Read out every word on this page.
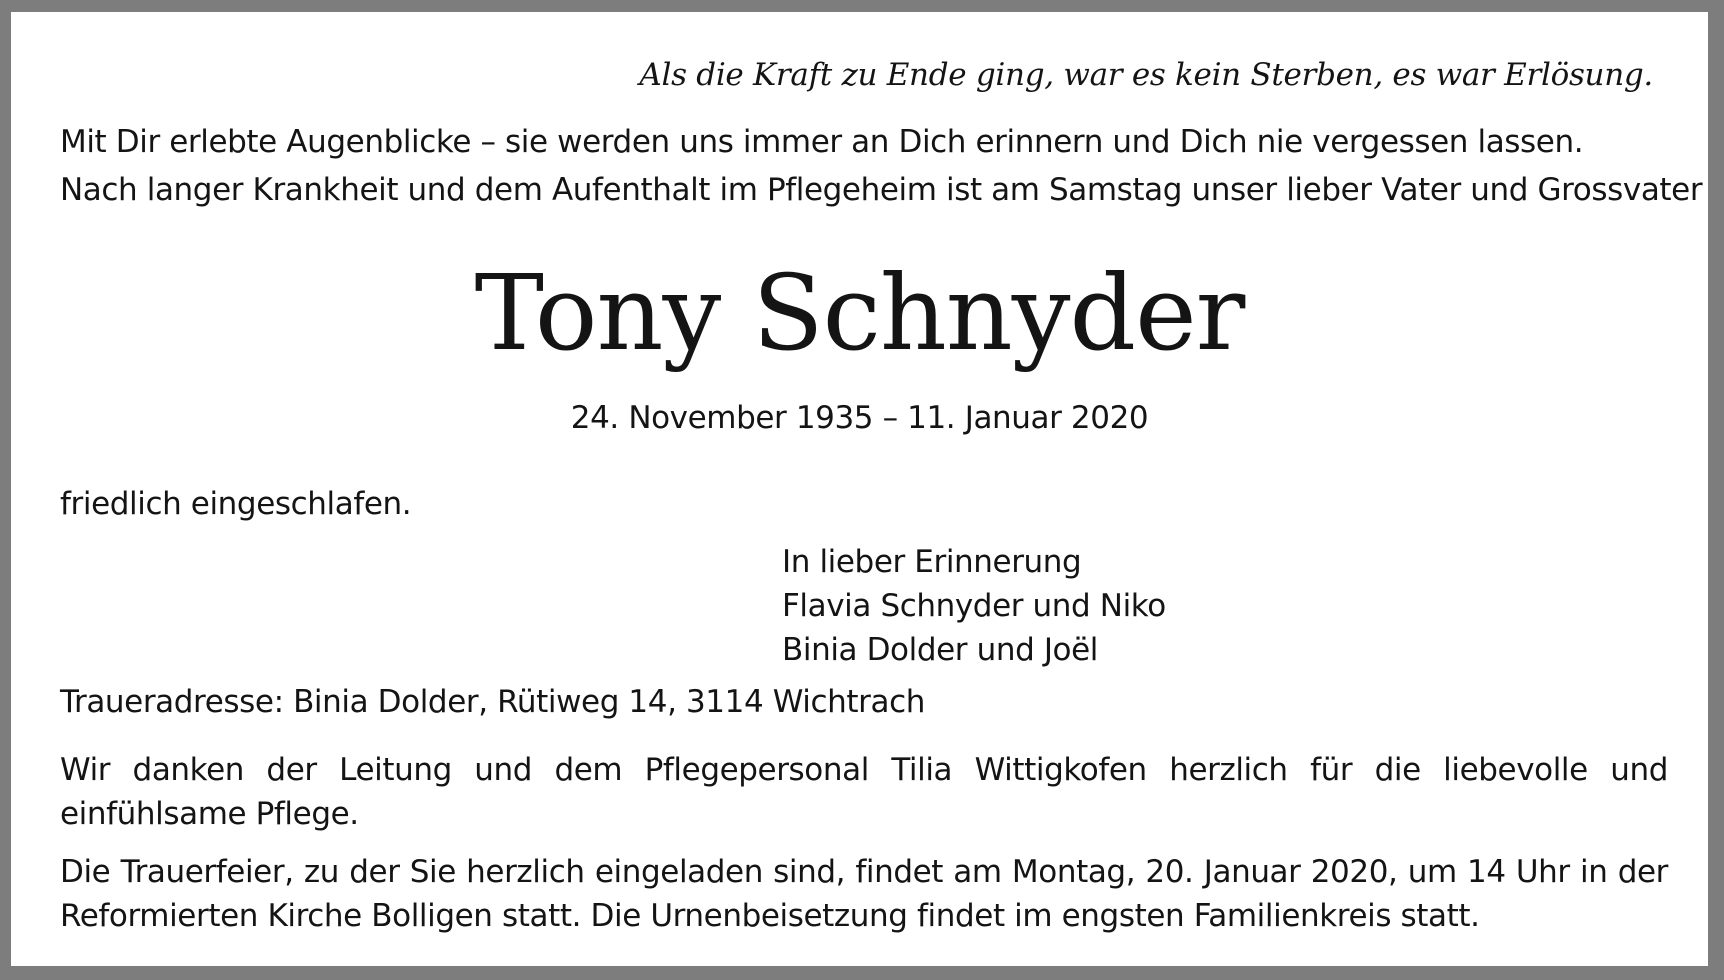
Als die Kraft zu Ende ging, war es kein Sterben, es war Erlösung.

Mit Dir erlebte Augenblicke – sie werden uns immer an Dich erinnern und Dich nie vergessen lassen.

Nach langer Krankheit und dem Aufenthalt im Pflegeheim ist am Samstag unser lieber Vater und Grossvater

Tony Schnyder

24. November 1935 – 11. Januar 2020

friedlich eingeschlafen.

In lieber Erinnerung
Flavia Schnyder und Niko
Binia Dolder und Joël

Traueradresse: Binia Dolder, Rütiweg 14, 3114 Wichtrach

Wir danken der Leitung und dem Pflegepersonal Tilia Wittigkofen herzlich für die liebevolle und einfühlsame Pflege.

Die Trauerfeier, zu der Sie herzlich eingeladen sind, findet am Montag, 20. Januar 2020, um 14 Uhr in der Reformierten Kirche Bolligen statt. Die Urnenbeisetzung findet im engsten Familienkreis statt.
